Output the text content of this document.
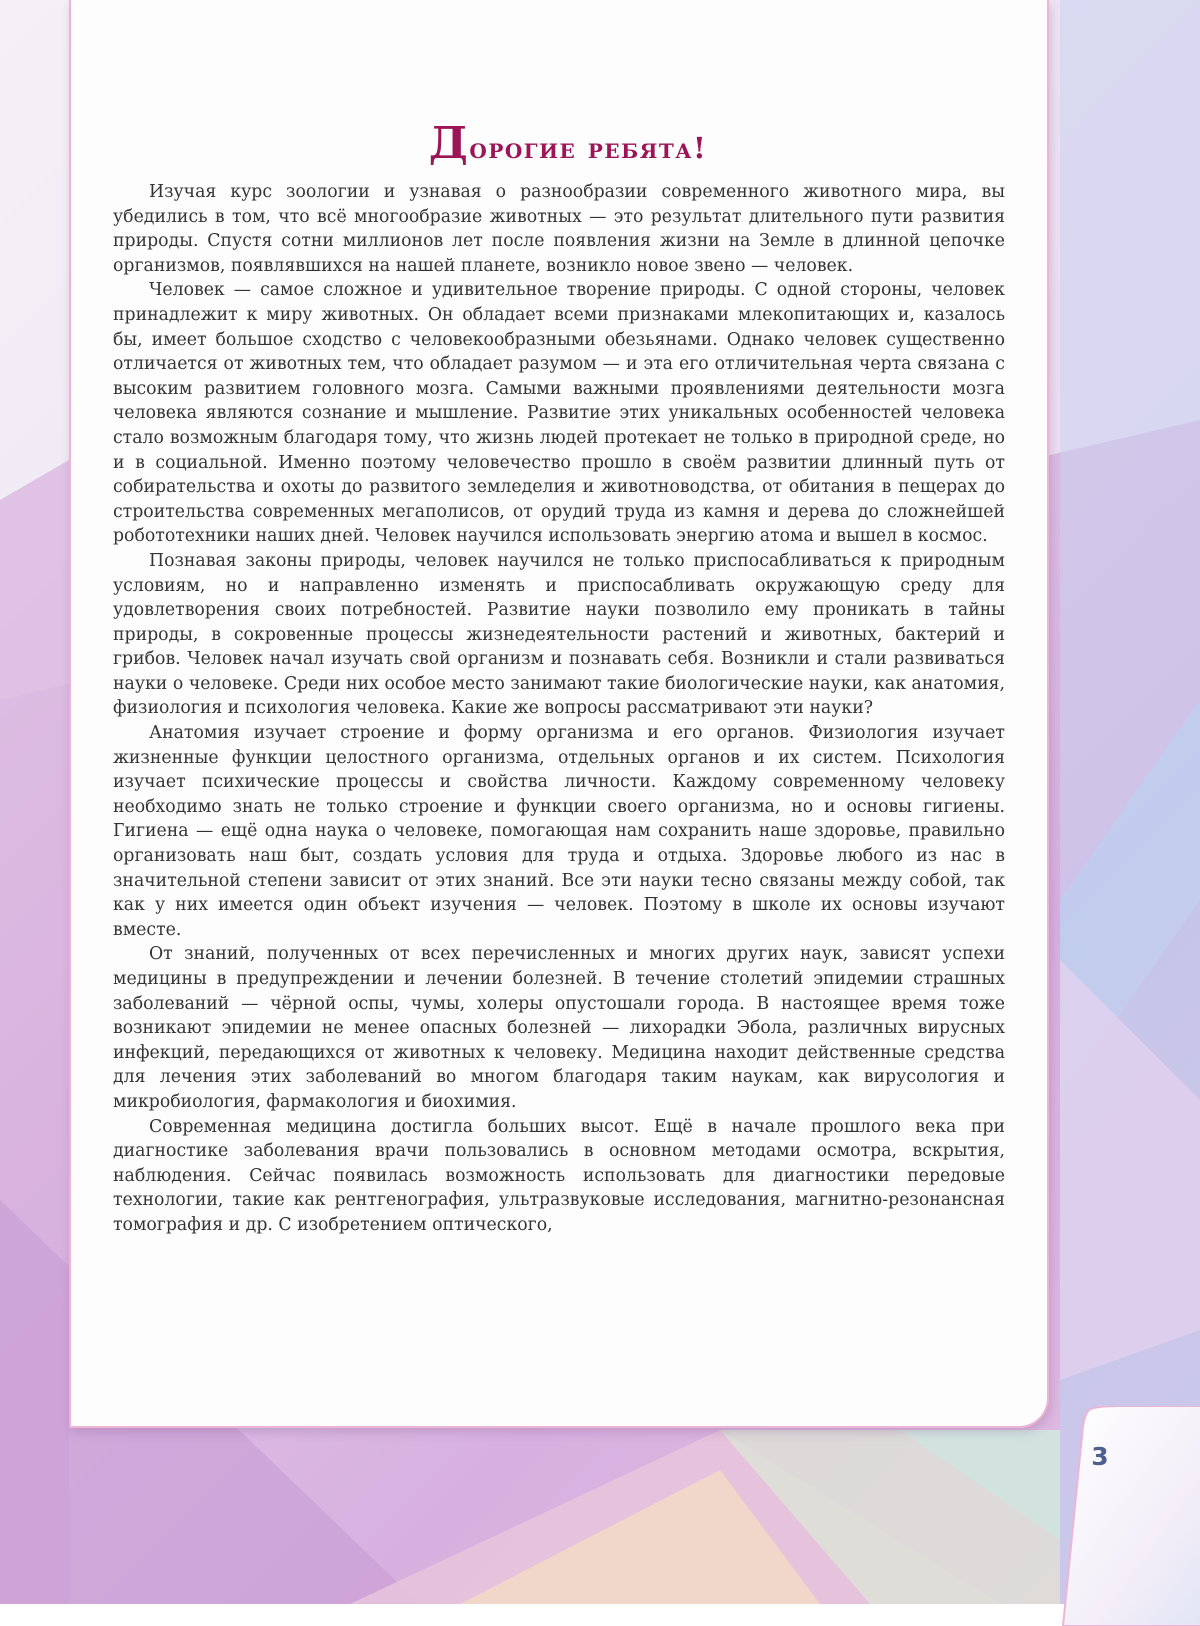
Дорогие ребята!

Изучая курс зоологии и узнавая о разнообразии современного животного мира, вы убедились в том, что всё многообразие животных — это результат длительного пути развития природы. Спустя сотни миллионов лет после появления жизни на Земле в длинной цепочке организмов, появлявшихся на нашей планете, возникло новое звено — человек.

Человек — самое сложное и удивительное творение природы. С одной стороны, человек принадлежит к миру животных. Он обладает всеми признаками млекопитающих и, казалось бы, имеет большое сходство с человекообразными обезьянами. Однако человек существенно отличается от животных тем, что обладает разумом — и эта его отличительная черта связана с высоким развитием головного мозга. Самыми важными проявлениями деятельности мозга человека являются сознание и мышление. Развитие этих уникальных особенностей человека стало возможным благодаря тому, что жизнь людей протекает не только в природной среде, но и в социальной. Именно поэтому человечество прошло в своём развитии длинный путь от собирательства и охоты до развитого земледелия и животноводства, от обитания в пещерах до строительства современных мегаполисов, от орудий труда из камня и дерева до сложнейшей робототехники наших дней. Человек научился использовать энергию атома и вышел в космос.

Познавая законы природы, человек научился не только приспосабливаться к природным условиям, но и направленно изменять и приспосабливать окружающую среду для удовлетворения своих потребностей. Развитие науки позволило ему проникать в тайны природы, в сокровенные процессы жизнедеятельности растений и животных, бактерий и грибов. Человек начал изучать свой организм и познавать себя. Возникли и стали развиваться науки о человеке. Среди них особое место занимают такие биологические науки, как анатомия, физиология и психология человека. Какие же вопросы рассматривают эти науки?

Анатомия изучает строение и форму организма и его органов. Физиология изучает жизненные функции целостного организма, отдельных органов и их систем. Психология изучает психические процессы и свойства личности. Каждому современному человеку необходимо знать не только строение и функции своего организма, но и основы гигиены. Гигиена — ещё одна наука о человеке, помогающая нам сохранить наше здоровье, правильно организовать наш быт, создать условия для труда и отдыха. Здоровье любого из нас в значительной степени зависит от этих знаний. Все эти науки тесно связаны между собой, так как у них имеется один объект изучения — человек. Поэтому в школе их основы изучают вместе.

От знаний, полученных от всех перечисленных и многих других наук, зависят успехи медицины в предупреждении и лечении болезней. В течение столетий эпидемии страшных заболеваний — чёрной оспы, чумы, холеры опустошали города. В настоящее время тоже возникают эпидемии не менее опасных болезней — лихорадки Эбола, различных вирусных инфекций, передающихся от животных к человеку. Медицина находит действенные средства для лечения этих заболеваний во многом благодаря таким наукам, как вирусология и микробиология, фармакология и биохимия.

Современная медицина достигла больших высот. Ещё в начале прошлого века при диагностике заболевания врачи пользовались в основном методами осмотра, вскрытия, наблюдения. Сейчас появилась возможность использовать для диагностики передовые технологии, такие как рентгенография, ультразвуковые исследования, магнитно-резонансная томография и др. С изобретением оптического,

3
